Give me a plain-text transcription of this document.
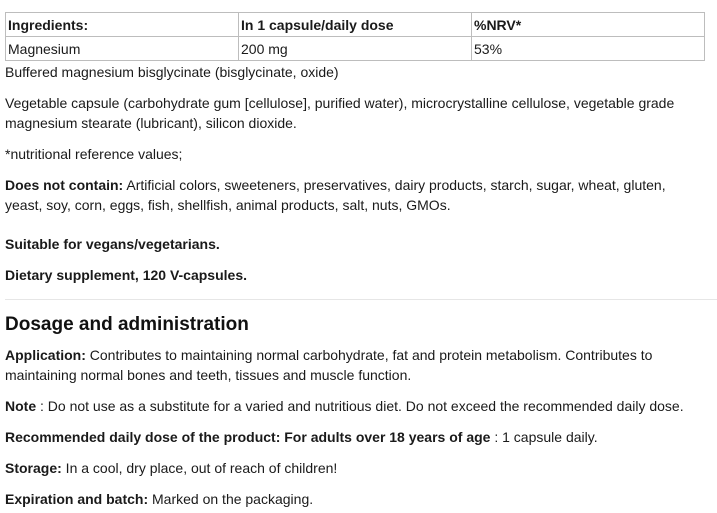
Ingredients:	In 1 capsule/daily dose	%NRV*
Magnesium	200 mg	53%

Buffered magnesium bisglycinate (bisglycinate, oxide)

Vegetable capsule (carbohydrate gum [cellulose], purified water), microcrystalline cellulose, vegetable grade magnesium stearate (lubricant), silicon dioxide.

*nutritional reference values;

Does not contain: Artificial colors, sweeteners, preservatives, dairy products, starch, sugar, wheat, gluten, yeast, soy, corn, eggs, fish, shellfish, animal products, salt, nuts, GMOs.

Suitable for vegans/vegetarians.

Dietary supplement, 120 V-capsules.

Dosage and administration

Application: Contributes to maintaining normal carbohydrate, fat and protein metabolism. Contributes to maintaining normal bones and teeth, tissues and muscle function.

Note : Do not use as a substitute for a varied and nutritious diet. Do not exceed the recommended daily dose.

Recommended daily dose of the product: For adults over 18 years of age : 1 capsule daily.

Storage: In a cool, dry place, out of reach of children!

Expiration and batch: Marked on the packaging.
